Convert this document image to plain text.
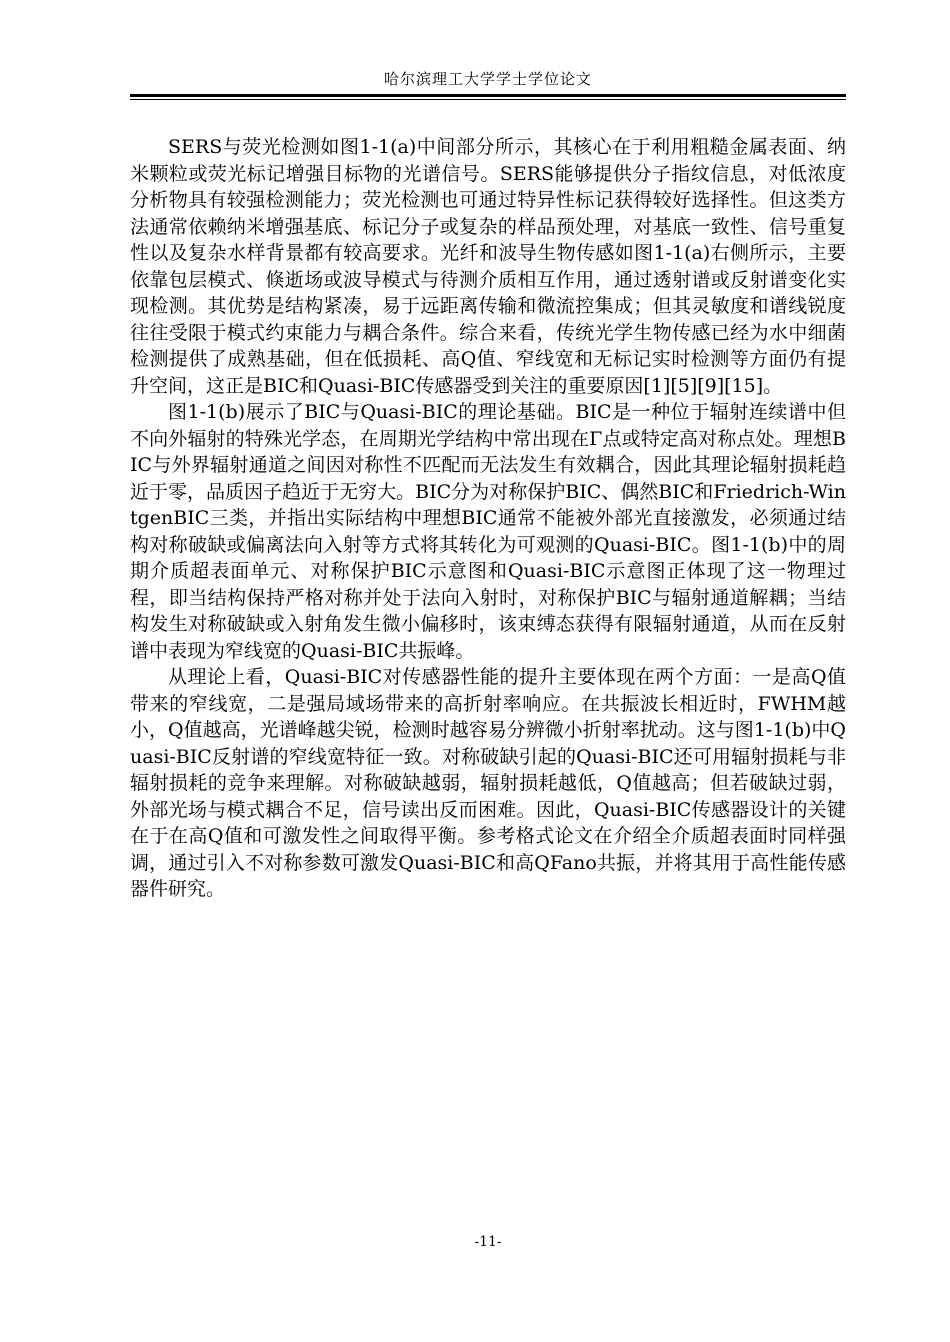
哈尔滨理工大学学士学位论文

SERS与荧光检测如图1-1(a)中间部分所示，其核心在于利用粗糙金属表面、纳米颗粒或荧光标记增强目标物的光谱信号。SERS能够提供分子指纹信息，对低浓度分析物具有较强检测能力；荧光检测也可通过特异性标记获得较好选择性。但这类方法通常依赖纳米增强基底、标记分子或复杂的样品预处理，对基底一致性、信号重复性以及复杂水样背景都有较高要求。光纤和波导生物传感如图1-1(a)右侧所示，主要依靠包层模式、倏逝场或波导模式与待测介质相互作用，通过透射谱或反射谱变化实现检测。其优势是结构紧凑，易于远距离传输和微流控集成；但其灵敏度和谱线锐度往往受限于模式约束能力与耦合条件。综合来看，传统光学生物传感已经为水中细菌检测提供了成熟基础，但在低损耗、高Q值、窄线宽和无标记实时检测等方面仍有提升空间，这正是BIC和Quasi-BIC传感器受到关注的重要原因[1][5][9][15]。

图1-1(b)展示了BIC与Quasi-BIC的理论基础。BIC是一种位于辐射连续谱中但不向外辐射的特殊光学态，在周期光学结构中常出现在Γ点或特定高对称点处。理想BIC与外界辐射通道之间因对称性不匹配而无法发生有效耦合，因此其理论辐射损耗趋近于零，品质因子趋近于无穷大。BIC分为对称保护BIC、偶然BIC和Friedrich-WintgenBIC三类，并指出实际结构中理想BIC通常不能被外部光直接激发，必须通过结构对称破缺或偏离法向入射等方式将其转化为可观测的Quasi-BIC。图1-1(b)中的周期介质超表面单元、对称保护BIC示意图和Quasi-BIC示意图正体现了这一物理过程，即当结构保持严格对称并处于法向入射时，对称保护BIC与辐射通道解耦；当结构发生对称破缺或入射角发生微小偏移时，该束缚态获得有限辐射通道，从而在反射谱中表现为窄线宽的Quasi-BIC共振峰。

从理论上看，Quasi-BIC对传感器性能的提升主要体现在两个方面：一是高Q值带来的窄线宽，二是强局域场带来的高折射率响应。在共振波长相近时，FWHM越小，Q值越高，光谱峰越尖锐，检测时越容易分辨微小折射率扰动。这与图1-1(b)中Quasi-BIC反射谱的窄线宽特征一致。对称破缺引起的Quasi-BIC还可用辐射损耗与非辐射损耗的竞争来理解。对称破缺越弱，辐射损耗越低，Q值越高；但若破缺过弱，外部光场与模式耦合不足，信号读出反而困难。因此，Quasi-BIC传感器设计的关键在于在高Q值和可激发性之间取得平衡。参考格式论文在介绍全介质超表面时同样强调，通过引入不对称参数可激发Quasi-BIC和高QFano共振，并将其用于高性能传感器件研究。

-11-
